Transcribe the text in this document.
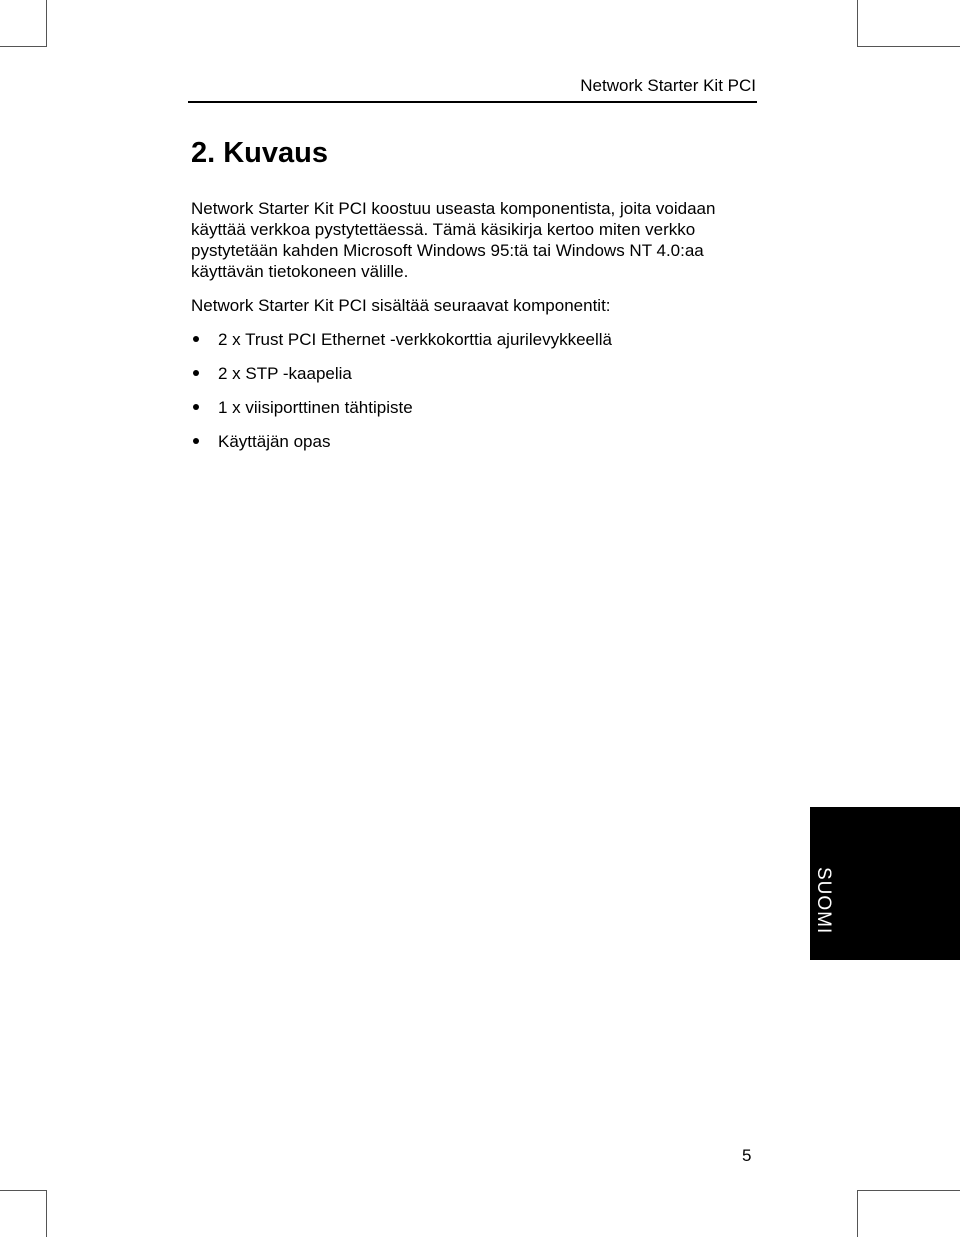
Network Starter Kit PCI
2. Kuvaus
Network Starter Kit PCI koostuu useasta komponentista, joita voidaan käyttää verkkoa pystytettäessä. Tämä käsikirja kertoo miten verkko pystytetään kahden Microsoft Windows 95:tä tai Windows NT 4.0:aa käyttävän tietokoneen välille.
Network Starter Kit PCI sisältää seuraavat komponentit:
2 x Trust PCI Ethernet -verkkokorttia ajurilevykkeellä
2 x STP -kaapelia
1 x viisiporttinen tähtipiste
Käyttäjän opas
SUOMI
5
